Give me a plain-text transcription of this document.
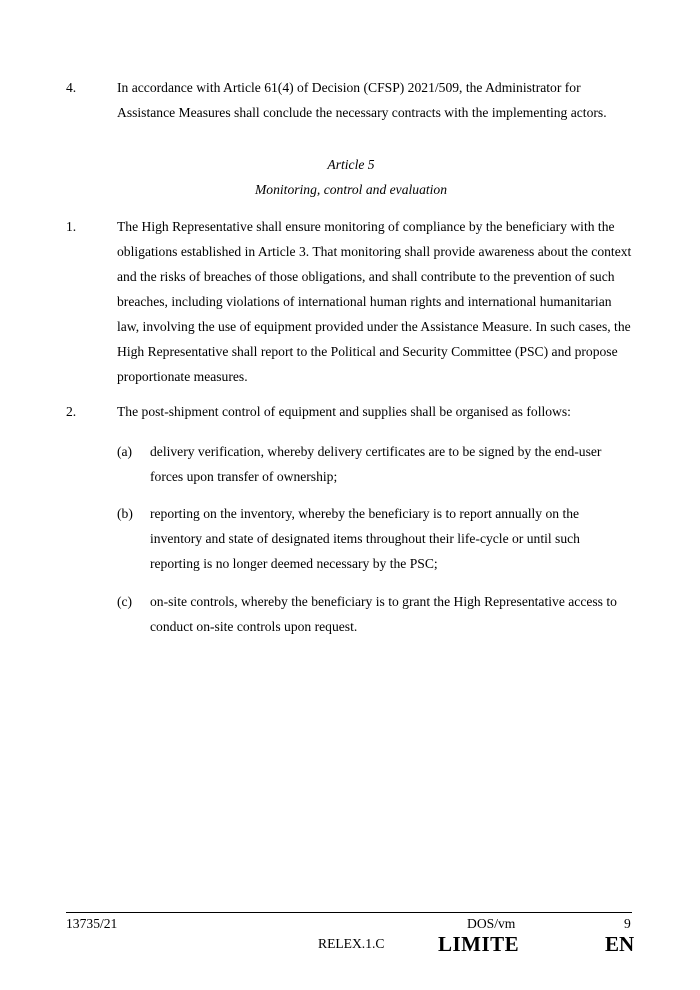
4.	In accordance with Article 61(4) of Decision (CFSP) 2021/509, the Administrator for Assistance Measures shall conclude the necessary contracts with the implementing actors.
Article 5
Monitoring, control and evaluation
1.	The High Representative shall ensure monitoring of compliance by the beneficiary with the obligations established in Article 3. That monitoring shall provide awareness about the context and the risks of breaches of those obligations, and shall contribute to the prevention of such breaches, including violations of international human rights and international humanitarian law, involving the use of equipment provided under the Assistance Measure. In such cases, the High Representative shall report to the Political and Security Committee (PSC) and propose proportionate measures.
2.	The post-shipment control of equipment and supplies shall be organised as follows:
(a) delivery verification, whereby delivery certificates are to be signed by the end-user forces upon transfer of ownership;
(b) reporting on the inventory, whereby the beneficiary is to report annually on the inventory and state of designated items throughout their life-cycle or until such reporting is no longer deemed necessary by the PSC;
(c) on-site controls, whereby the beneficiary is to grant the High Representative access to conduct on-site controls upon request.
13735/21	DOS/vm	9
RELEX.1.C	LIMITE	EN
